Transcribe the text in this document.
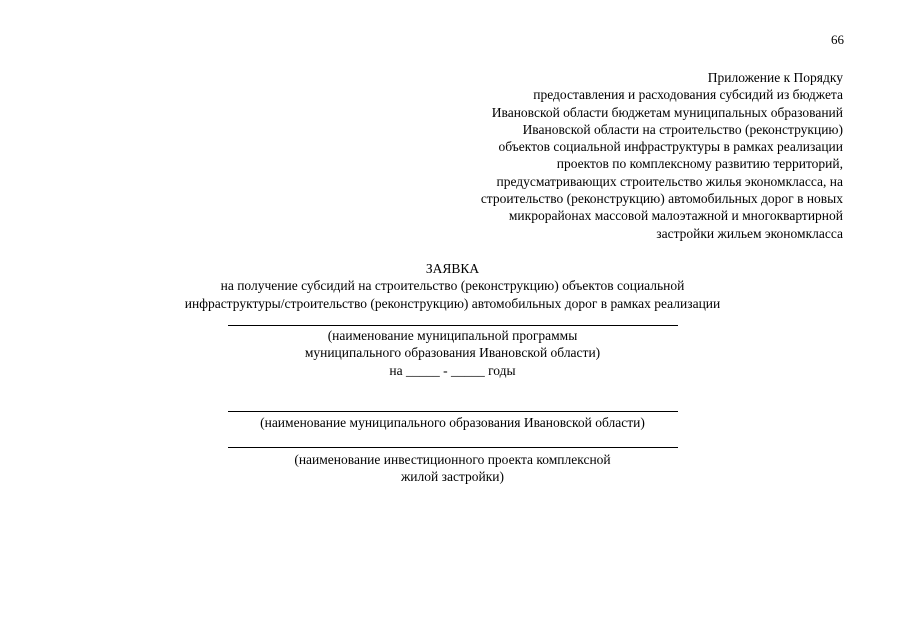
66
Приложение к Порядку
предоставления и расходования субсидий из бюджета
Ивановской области бюджетам муниципальных образований
Ивановской области на строительство (реконструкцию)
объектов социальной инфраструктуры в рамках реализации
проектов по комплексному развитию территорий,
предусматривающих строительство жилья экономкласса, на
строительство (реконструкцию) автомобильных дорог в новых
микрорайонах массовой малоэтажной и многоквартирной
застройки жильем экономкласса
ЗАЯВКА
на получение субсидий на строительство (реконструкцию) объектов социальной
инфраструктуры/строительство (реконструкцию) автомобильных дорог в рамках реализации
(наименование муниципальной программы
муниципального образования Ивановской области)
на _____ - _____ годы
(наименование муниципального образования Ивановской области)
(наименование инвестиционного проекта комплексной
жилой застройки)
